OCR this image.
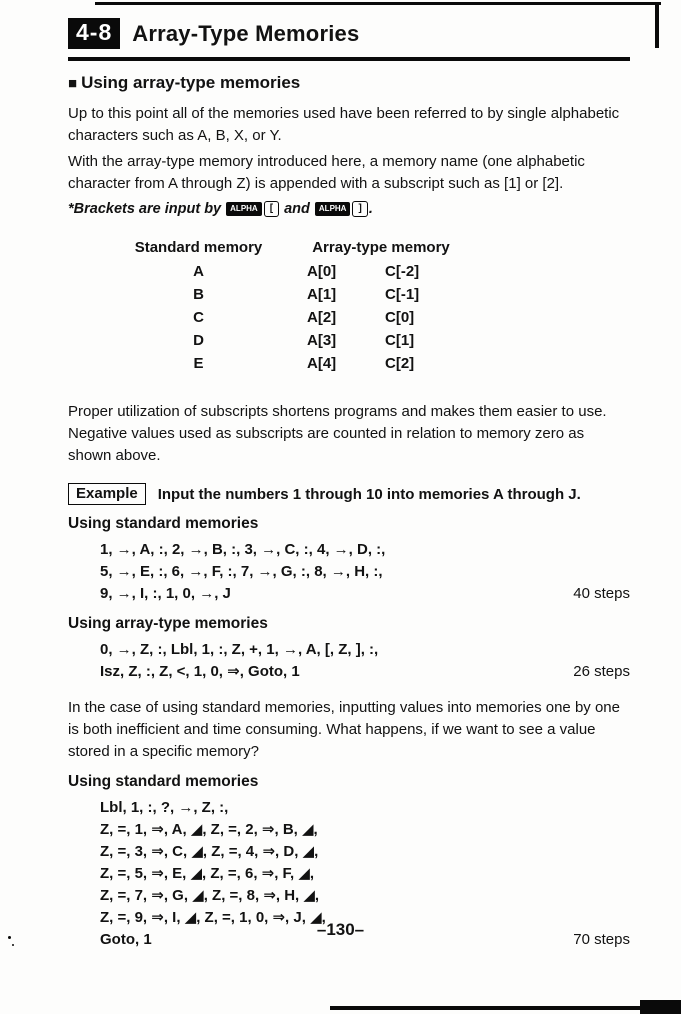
4-8 Array-Type Memories
■ Using array-type memories

Up to this point all of the memories used have been referred to by single alphabetic characters such as A, B, X, or Y.

With the array-type memory introduced here, a memory name (one alphabetic character from A through Z) is appended with a subscript such as [1] or [2].

*Brackets are input by ALPHA [ and ALPHA ] .

Standard memory	Array-type memory
A	A[0]	C[-2]
B	A[1]	C[-1]
C	A[2]	C[0]
D	A[3]	C[1]
E	A[4]	C[2]

Proper utilization of subscripts shortens programs and makes them easier to use. Negative values used as subscripts are counted in relation to memory zero as shown above.

Example	Input the numbers 1 through 10 into memories A through J.
Using standard memories
1, →, A, :, 2, →, B, :, 3, →, C, :, 4, →, D, :,
5, →, E, :, 6, →, F, :, 7, →, G, :, 8, →, H, :,
9, →, I, :, 1, 0, →, J	40 steps
Using array-type memories
0, →, Z, :, Lbl, 1, :, Z, +, 1, →, A, [, Z, ], :,
Isz, Z, :, Z, <, 1, 0, ⇒, Goto, 1	26 steps

In the case of using standard memories, inputting values into memories one by one is both inefficient and time consuming. What happens, if we want to see a value stored in a specific memory?

Using standard memories
Lbl, 1, :, ?, →, Z, :,
Z, =, 1, ⇒, A, ◢, Z, =, 2, ⇒, B, ◢,
Z, =, 3, ⇒, C, ◢, Z, =, 4, ⇒, D, ◢,
Z, =, 5, ⇒, E, ◢, Z, =, 6, ⇒, F, ◢,
Z, =, 7, ⇒, G, ◢, Z, =, 8, ⇒, H, ◢,
Z, =, 9, ⇒, I, ◢, Z, =, 1, 0, ⇒, J, ◢,
Goto, 1	70 steps
–130–
